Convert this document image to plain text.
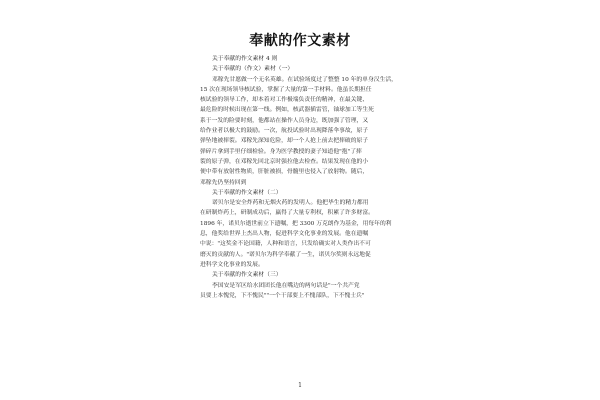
奉献的作文素材
关于奉献的作文素材 4 则
关于奉献的（作文）素材（一）
邓稼先甘愿做一个无名英雄。在试验场度过了整整 10 年的单身汉生活，
15 次在现场领导核试验，掌握了大量的第一手材料。他虽长期担任
核试验的领导工作，却本着对工作极端负责任的精神，在最关键、
最危险的时候出现在第一线。例如，核武器插雷管，铀球加工等生死
系于一发的险要时刻，他都站在操作人员身边，既加强了管理，又
给作业者以极大的鼓励。一次，航投试验时出现降落伞事故，原子
弹坠地被摔裂。邓稼先深知危险，却一个人抢上前去把摔破的原子
弹碎片拿到手里仔细检验。身为医学教授的妻子知道他"抱"了摔
裂的原子弹，在邓稼先回北京时强拉他去检查。结果发现在他的小
便中带有放射性物质，肝脏被损，骨髓里也侵入了放射物。随后，
邓稼先仍坚持回到
关于奉献的作文素材（二）
诺贝尔是安全炸药和无烟火药的发明人。他把毕生的精力都用
在研制炸药上，研制成功后，赢得了大量专利权，积累了许多财富。
1896 年，诺贝尔逝世前立下遗嘱，把 3300 万克朗作为基金，用每年的利
息，他奖给世界上杰出人物，促进科学文化事业的发展。他在遗嘱
中说："这奖金不论国籍，人种和语言，只发给确实对人类作出不可
磨灭的贡献的人。"诺贝尔为科学奉献了一生，诺贝尔奖则永远地促
进科学文化事业的发展。
关于奉献的作文素材（三）
李国安是军区给水团团长他在嘴边的两句话是"一个共产党
员要上本愧党，下不愧民""一个干部要上不愧部队，下不愧士兵"
1
